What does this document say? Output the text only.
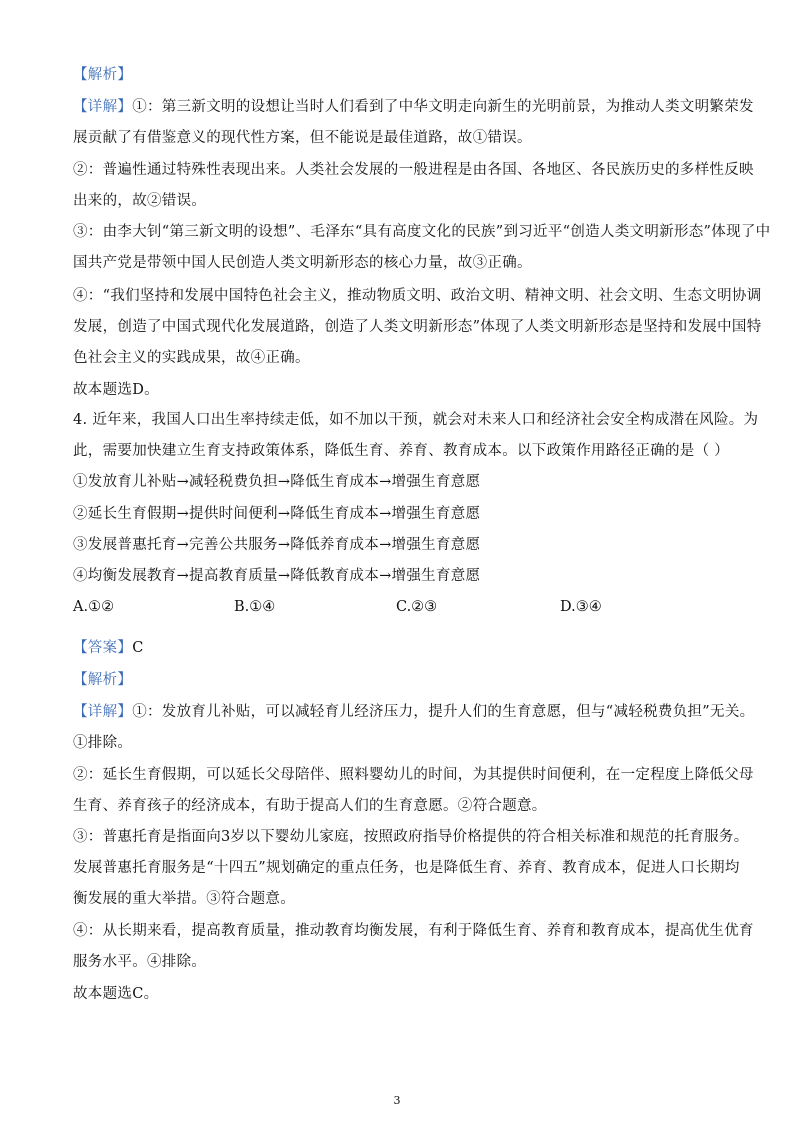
【解析】
【详解】①：第三新文明的设想让当时人们看到了中华文明走向新生的光明前景，为推动人类文明繁荣发
展贡献了有借鉴意义的现代性方案，但不能说是最佳道路，故①错误。
②：普遍性通过特殊性表现出来。人类社会发展的一般进程是由各国、各地区、各民族历史的多样性反映
出来的，故②错误。
③：由李大钊“第三新文明的设想”、毛泽东“具有高度文化的民族”到习近平“创造人类文明新形态”体现了中
国共产党是带领中国人民创造人类文明新形态的核心力量，故③正确。
④：“我们坚持和发展中国特色社会主义，推动物质文明、政治文明、精神文明、社会文明、生态文明协调
发展，创造了中国式现代化发展道路，创造了人类文明新形态”体现了人类文明新形态是坚持和发展中国特
色社会主义的实践成果，故④正确。
故本题选D。
4. 近年来，我国人口出生率持续走低，如不加以干预，就会对未来人口和经济社会安全构成潜在风险。为
此，需要加快建立生育支持政策体系，降低生育、养育、教育成本。以下政策作用路径正确的是（ ）
①发放育儿补贴→减轻税费负担→降低生育成本→增强生育意愿
②延长生育假期→提供时间便利→降低生育成本→增强生育意愿
③发展普惠托育→完善公共服务→降低养育成本→增强生育意愿
④均衡发展教育→提高教育质量→降低教育成本→增强生育意愿
A.①②	B.①④	C.②③	D.③④
【答案】C
【解析】
【详解】①：发放育儿补贴，可以减轻育儿经济压力，提升人们的生育意愿，但与“减轻税费负担”无关。
①排除。
②：延长生育假期，可以延长父母陪伴、照料婴幼儿的时间，为其提供时间便利，在一定程度上降低父母
生育、养育孩子的经济成本，有助于提高人们的生育意愿。②符合题意。
③：普惠托育是指面向3岁以下婴幼儿家庭，按照政府指导价格提供的符合相关标准和规范的托育服务。
发展普惠托育服务是“十四五”规划确定的重点任务，也是降低生育、养育、教育成本，促进人口长期均
衡发展的重大举措。③符合题意。
④：从长期来看，提高教育质量，推动教育均衡发展，有利于降低生育、养育和教育成本，提高优生优育
服务水平。④排除。
故本题选C。
3
